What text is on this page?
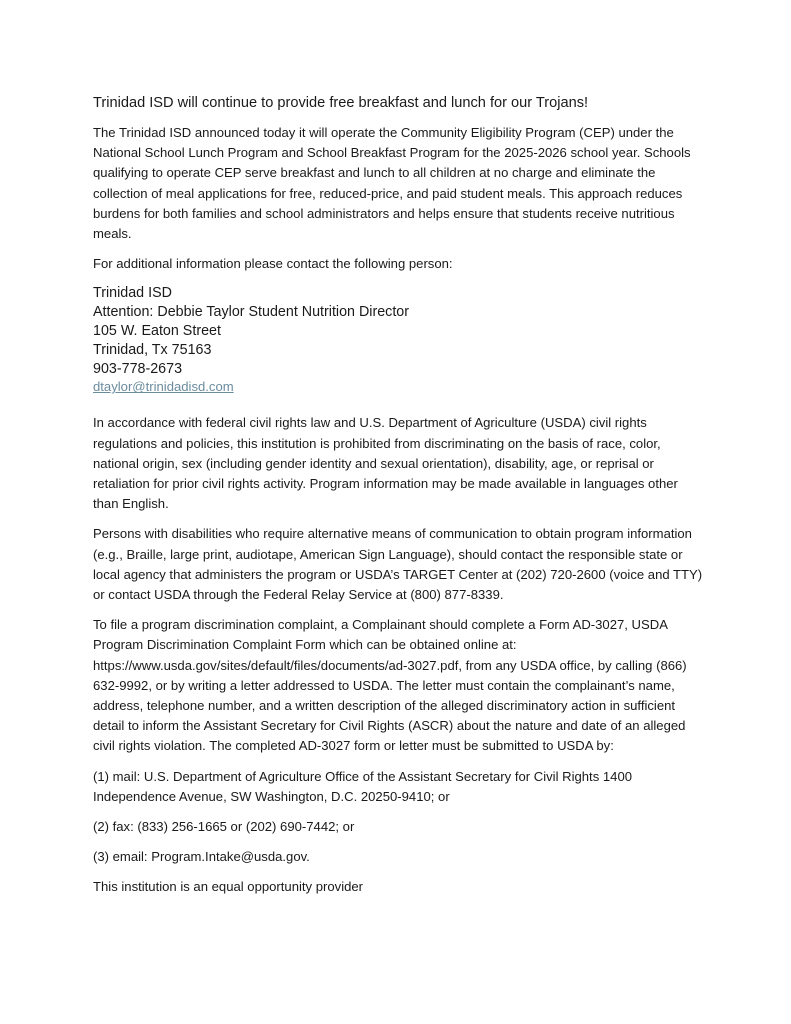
Trinidad ISD will continue to provide free breakfast and lunch for our Trojans!

The Trinidad ISD announced today it will operate the Community Eligibility Program (CEP) under the National School Lunch Program and School Breakfast Program for the 2025-2026 school year. Schools qualifying to operate CEP serve breakfast and lunch to all children at no charge and eliminate the collection of meal applications for free, reduced-price, and paid student meals. This approach reduces burdens for both families and school administrators and helps ensure that students receive nutritious meals.

For additional information please contact the following person:

Trinidad ISD
Attention: Debbie Taylor Student Nutrition Director
105 W. Eaton Street
Trinidad, Tx 75163
903-778-2673
dtaylor@trinidadisd.com

In accordance with federal civil rights law and U.S. Department of Agriculture (USDA) civil rights regulations and policies, this institution is prohibited from discriminating on the basis of race, color, national origin, sex (including gender identity and sexual orientation), disability, age, or reprisal or retaliation for prior civil rights activity. Program information may be made available in languages other than English.

Persons with disabilities who require alternative means of communication to obtain program information (e.g., Braille, large print, audiotape, American Sign Language), should contact the responsible state or local agency that administers the program or USDA’s TARGET Center at (202) 720-2600 (voice and TTY) or contact USDA through the Federal Relay Service at (800) 877-8339.

To file a program discrimination complaint, a Complainant should complete a Form AD-3027, USDA Program Discrimination Complaint Form which can be obtained online at: https://www.usda.gov/sites/default/files/documents/ad-3027.pdf, from any USDA office, by calling (866) 632-9992, or by writing a letter addressed to USDA. The letter must contain the complainant’s name, address, telephone number, and a written description of the alleged discriminatory action in sufficient detail to inform the Assistant Secretary for Civil Rights (ASCR) about the nature and date of an alleged civil rights violation. The completed AD-3027 form or letter must be submitted to USDA by:

(1) mail: U.S. Department of Agriculture Office of the Assistant Secretary for Civil Rights 1400 Independence Avenue, SW Washington, D.C. 20250-9410; or

(2) fax: (833) 256-1665 or (202) 690-7442; or

(3) email: Program.Intake@usda.gov.

This institution is an equal opportunity provider
